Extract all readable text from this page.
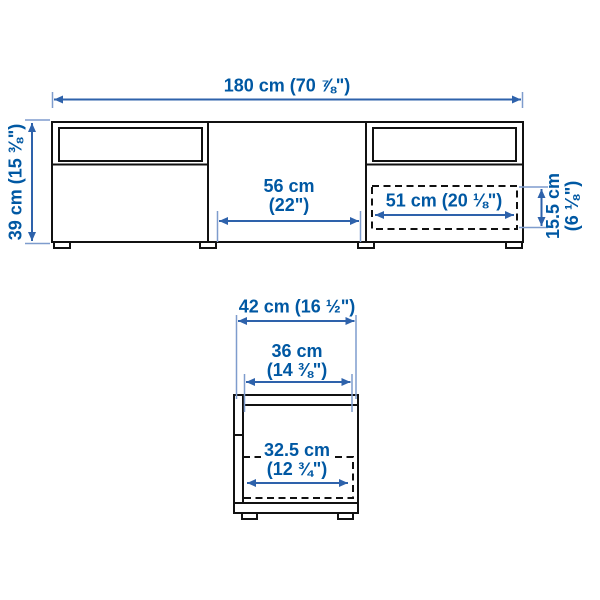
180 cm (70 ⅞")
39 cm (15 ⅜")	56 cm
(22")	51 cm (20 ⅛") 15.5 cm (6 ⅛")
42 cm (16 ½")
36 cm
(14 ⅜")
32.5 cm
(12 ¾")
